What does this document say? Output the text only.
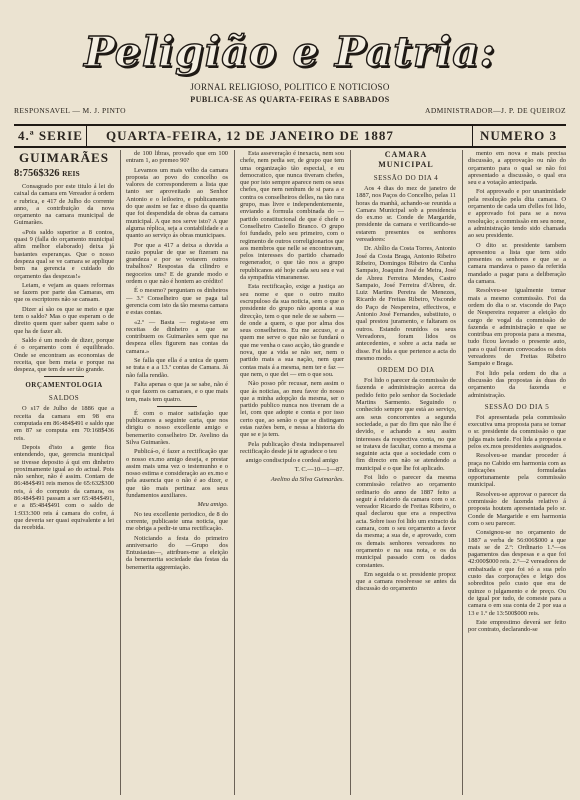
Peligião e Patria:
JORNAL RELIGIOSO, POLITICO E NOTICIOSO
PUBLICA-SE AS QUARTA-FEIRAS E SABBADOS
RESPONSAVEL — M. J. PINTO	ADMINISTRADOR—J. P. DE QUEIROZ
4.ª SERIE QUARTA-FEIRA, 12 DE JANEIRO DE 1887	NUMERO 3
GUIMARÃES
8:756$326 REIS

Consagrado por este titulo á lei do caixal da camara em Vereador á ordem e rubrica, e 417 de Julho do corrente anno, a contribuição da nova orçamento na camara municipal de Guimarães.

«Pois saldo superior a 8 contos, quasi 9 (falla do orçamento municipal afim melhor elaborado) deixa já bastantes esperanças. Que o nosso despeza qual se ve camara se applique bem na gerencia e cuidado do orçamento das despezas!»

Leiam, e vejam as quaes reformas se fazem por parte das Camaras, em que os escriptores não se cansam.

Dizer aí são os que se meio e que tem o saldo? Mas o que esperam o de direito quem quer saber quem sabe o que ha de fazer ali.

Saldo é um modo de dizer, porque é o orçamento com é equilibrado. Onde se encontram as economias de receita, que bem meia e porque na despeza, que tem de ser tão grande.

ORÇAMENTOLOGIA
SALDOS

O s17 de Julho de 1886 que a receita da camara em 98 era computada em 86:484$491 e saldo que em 87 se computa em 70:168$436 reis.

Depois d'isto a gente fica entendendo, que, gerencia municipal se tivesse deposito á qui em dinheiro proximamente igual ao do actual. Pois não senhor, não é assim. Contam de 86:484$491 reis menos de 65:632$300 reis, á do computo da camara, os 86:484$491 passam a ser 65:484$491, e a 85:484$491 com o saldo de 1:933:300 reis á camara do cofre, á que deveria ser quasi equivalente a lei da recebida.

de 100 libras, provado que em 100 entram 1, ao premeo 90?

Levamos um mais velho da camara proposta ao povo do concelho os valores de corresponderem a lista que tanto ser aproveitado ao Senhor Antonio e o leiloeiro, e publicamente do que assim se faz e disso da quantia que foi despendida de obras da camara municipal. A que nos serve isto? A que alguma réplica, seja a contabilidade e a quanto ao serviço ás obras municipaes.

Por que a 417 a deixa a duvida a razão popular de que se fizeram na grandeza e por se votarem outros trabalhos? Respostas da cilindro e negoceios uns? E de grande modo e ordem o que não é hontem ao crédito!

É o mesmo? perguntam os dinheiros — 3.º Conselheiro que se paga tal gerencia com isto da tão mesma camara e estas contas.

«2.º — Basta — regista-se em receitas de dinheiro a que se contribuem os Guimarães sem que na despeza elles figurem nas contas da camara.»

Se falla que ella é a unica de quem se trata e a a 13.ª contas de Camara. Já não falla rendão.

Falta apenas o que ja se sabe, não é o que fazem os camaraes, e o que mais tem, mais tem quatro.

É com o maior satisfação que publicamos a seguinte carta, que nos dirigiu o nosso excellente amigo e benemerito conselheiro Dr. Avelino da Silva Guimarães.

Publicá-o, é fazer a rectificação que o nosso ex.mo amigo deseja, e prestar assim mais uma vez o testemunho e o nosso estima e consideração ao ex.mo e pela ausencia que o não é ao dizer, e que tão mais pertinaz aos seus fundamentos auxiliares.

Meu amigo.

No teu excellente periodico, de 8 do corrente, publicaste uma noticia, que me obriga a pedir-te uma rectificação.

Noticiando a festa do primeiro anniversario do —Grupo dos Entusiastas—, attribues-me a eleição da benemerita sociedade das festas da benemerita aggremiação.

Esta asseveração é inexacta, nem sou chefe, nem pedia ser, de grupo que tem uma organização tão especial, e eu democratico, que nunca tiveram chefes, que por isto sempre aparece nem os seus chefes, que nem nenhum de si para a e contra os conselheiros delles, na tão rara grupo, mas livre e independentemente, enviando a formula combinada do —partido constitucional de que é chefe o Conselheiro Castello Branco. O grupo foi fundado, pelo seu primeiro, com o regimento de outros correligionarios que aos membros que nelle se encontravam, pelos interesses do partido chamado regenerador, o que tão nos a grupo republicanos até hoje cada seu seu e vai da sympathia vimaranense.

Esta rectificação, exige a justiça ao seu nome e que o outro muito escrupuloso da sua noticia, sem o que o presidente do grupo não aponta a sua direcção, tem o que nele de se sabem — de onde a quem, o que por alma dos seus conselheiros. Eu me accuso, e a quem me serve o que não se fundará o que me venha o caso acção, tão grande e nova, que a vida se não ser, nem o partido mais a sua nação, nem quer contas mais á a mesma, nem ter e faz — que nem, o que dei — em o que sou.

Não posso pôr recusar, nem assim o que ás noticias, ao meu favor do nosso que a minha adopção da mesma, ser o partido publico nunca nos tiveram de a lei, com que adopte e conta e por isso certo que, ao senão o que se distingam estas razões bem, e nessa a historia do que se e ja tem.

Pela publicação d'esta indispensavel rectificação desde já te agradece o teu

amigo condiscipulo e cordeal amigo

T. C.—10—1—87.

Avelino da Silva Guimarães.

CAMARA MUNICIPAL
SESSÃO DO DIA 4

Aos 4 dias do mez de janeiro de 1887, nos Paços do Concelho, pelas 11 horas da manhã, achando-se reunida a Camara Municipal sob a presidencia do ex.mo sr. Conde de Margaride, presidente da camara e verificando-se estarem presentes os senhores vereadores:

Dr. Abílio da Costa Torres, Antonio José da Costa Braga, Antonio Ribeiro Ribeiro, Domingos Ribeiro da Cunha Sampaio, Joaquim José de Meira, José de Abreu Ferreira Mendes, Castro Sampaio, José Ferreira d'Abreu, dr. Luiz Martins Pereira de Menezes, Ricardo de Freitas Ribeiro, Visconde do Paço de Nespereira, effectivos, e Antonio José Fernandes, substituto, o qual prestou juramento, e faltaram os outros. Estando reunidos os seus Vereadores, foram lidos os antecedentes, e sobre a acta nada se disse. Foi lida a que pertence a acta do mesmo modo.

ORDEM DO DIA

Foi lido o parecer da commissão de fazenda e administração acerca da pedido feito pelo senhor da Sociedade Martins Sarmento. Seguindo o conhecido sempre que está ao serviço, aos seus concorrentes a segunda sociedade, a par do fim que não lhe é devido, e achando a seu assim interesses da respectiva conta, no que se tratava de facultar, como a mesma a seguinte acta que a sociedade com o fim directo em não se atendendo a municipal e o que lhe foi aplicado.

Foi lido o parecer da mesma commissão relativo ao orçamento ordinario do anno de 1887 feito a seguir á relatorio da camara com o sr. vereador Ricardo de Freitas Ribeiro, o qual declarou que era a respectiva acta. Sobre isso foi lido um extracto da camara, com o seu orçamento a favor da mesma; a sua de, e aprovado, com os demais senhores vereadores no orçamento e na sua nota, e os da municipal passado com os dados constantes.

Em seguida o sr. presidente propoz que a camara resolvesse se antes da discussão do orçamento

mento em nova e mais precisa discussão, a approvação ou não do orçamento para o qual se não foi apresentado a discussão, o qual era seu e a votação antecipada.

Foi approvado e por unanimidade pela resolução pela dita camara. O orçamento de cada um d'elles foi lido, e approvado foi para se a nova resolução; a commissão em seu nome, a administração tendo sido chamada ao seu presidente.

O dito sr. presidente tambem apresentou a lista que tem sido presentes os senhores e que se a camara mandava o passo da referida mandado a pagar para a deliberação da camara.

Resolveu-se igualmente tomar mais a mesmo commissão. Foi da ordem do dia o sr. visconde do Paço de Nespereira requerer a eleição do cargo de vogal da commissão de fazenda e administração e que se contribua em proposta para a mesma, tudo ficou lavrado o presente auto, para o qual foram convocados os dois vereadores de Freitas Ribeiro Sampaio e Braga.

Foi lido pela ordem do dia a discussão das propostas ás duas do orçamento da fazenda e administração.

SESSÃO DO DIA 5

Foi apresentada pela commissão executiva uma proposta para se tomar o sr. presidente da commissão o que julga mais tarde. Foi lida a proposta e pelos ex.mos presidentes assignados.

Resolveu-se mandar proceder á praça no Cabido em harmonia com as indicações formuladas opportunamente pela commissão municipal.

Resolveu-se approvar o parecer da commissão de fazenda relativo á proposta houtem apresentada pelo sr. Conde de Margaride e em harmonia com o seu parecer.

Consignou-se no orçamento de 1887 a verba de 56:006$000 a que mais se de 2.º: Ordinario 1.º—os pagamentos das despesas e a que foi 42:000$000 reis. 2.º—2 vereadores de embaixada e que foi só a sua pelo custo das corporações e leigo dos sobreditos pelo custo que era de quinze o julgamento e de preço. Ou de igual por tudo, de comeste para a camara o em sua conta de 2 por sua a 13 e 1.º de 13:500$000 reis.

Este emprestimo deverá ser feito por contrato, declarando-se
